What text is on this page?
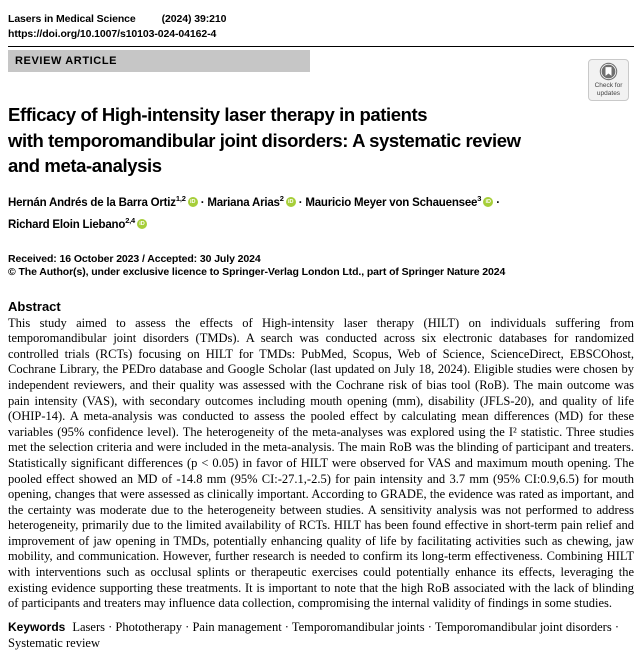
Lasers in Medical Science (2024) 39:210
https://doi.org/10.1007/s10103-024-04162-4
REVIEW ARTICLE
Check for
updates
Efficacy of High-intensity laser therapy in patients
with temporomandibular joint disorders: A systematic review
and meta-analysis
Hernán Andrés de la Barra Ortiz$^{1,2}$ iD · Mariana Arias$^2$ iD · Mauricio Meyer von Schauensee$^3$ iD ·
Richard Eloin Liebano$^{2,4}$ iD
Received: 16 October 2023 / Accepted: 30 July 2024
© The Author(s), under exclusive licence to Springer-Verlag London Ltd., part of Springer Nature 2024
Abstract
This study aimed to assess the effects of High-intensity laser therapy (HILT) on individuals suffering from temporomandibular joint disorders (TMDs). A search was conducted across six electronic databases for randomized controlled trials (RCTs) focusing on HILT for TMDs: PubMed, Scopus, Web of Science, ScienceDirect, EBSCOhost, Cochrane Library, the PEDro database and Google Scholar (last updated on July 18, 2024). Eligible studies were chosen by independent reviewers, and their quality was assessed with the Cochrane risk of bias tool (RoB). The main outcome was pain intensity (VAS), with secondary outcomes including mouth opening (mm), disability (JFLS-20), and quality of life (OHIP-14). A meta-analysis was conducted to assess the pooled effect by calculating mean differences (MD) for these variables (95% confidence level). The heterogeneity of the meta-analyses was explored using the I² statistic. Three studies met the selection criteria and were included in the meta-analysis. The main RoB was the blinding of participant and treaters. Statistically significant differences (p < 0.05) in favor of HILT were observed for VAS and maximum mouth opening. The pooled effect showed an MD of -14.8 mm (95% CI:-27.1,-2.5) for pain intensity and 3.7 mm (95% CI:0.9,6.5) for mouth opening, changes that were assessed as clinically important. According to GRADE, the evidence was rated as important, and the certainty was moderate due to the heterogeneity between studies. A sensitivity analysis was not performed to address heterogeneity, primarily due to the limited availability of RCTs. HILT has been found effective in short-term pain relief and improvement of jaw opening in TMDs, potentially enhancing quality of life by facilitating activities such as chewing, jaw mobility, and communication. However, further research is needed to confirm its long-term effectiveness. Combining HILT with interventions such as occlusal splints or therapeutic exercises could potentially enhance its effects, leveraging the existing evidence supporting these treatments. It is important to note that the high RoB associated with the lack of blinding of participants and treaters may influence data collection, compromising the internal validity of findings in some studies.
Keywords Lasers · Phototherapy · Pain management · Temporomandibular joints · Temporomandibular joint disorders · Systematic review
